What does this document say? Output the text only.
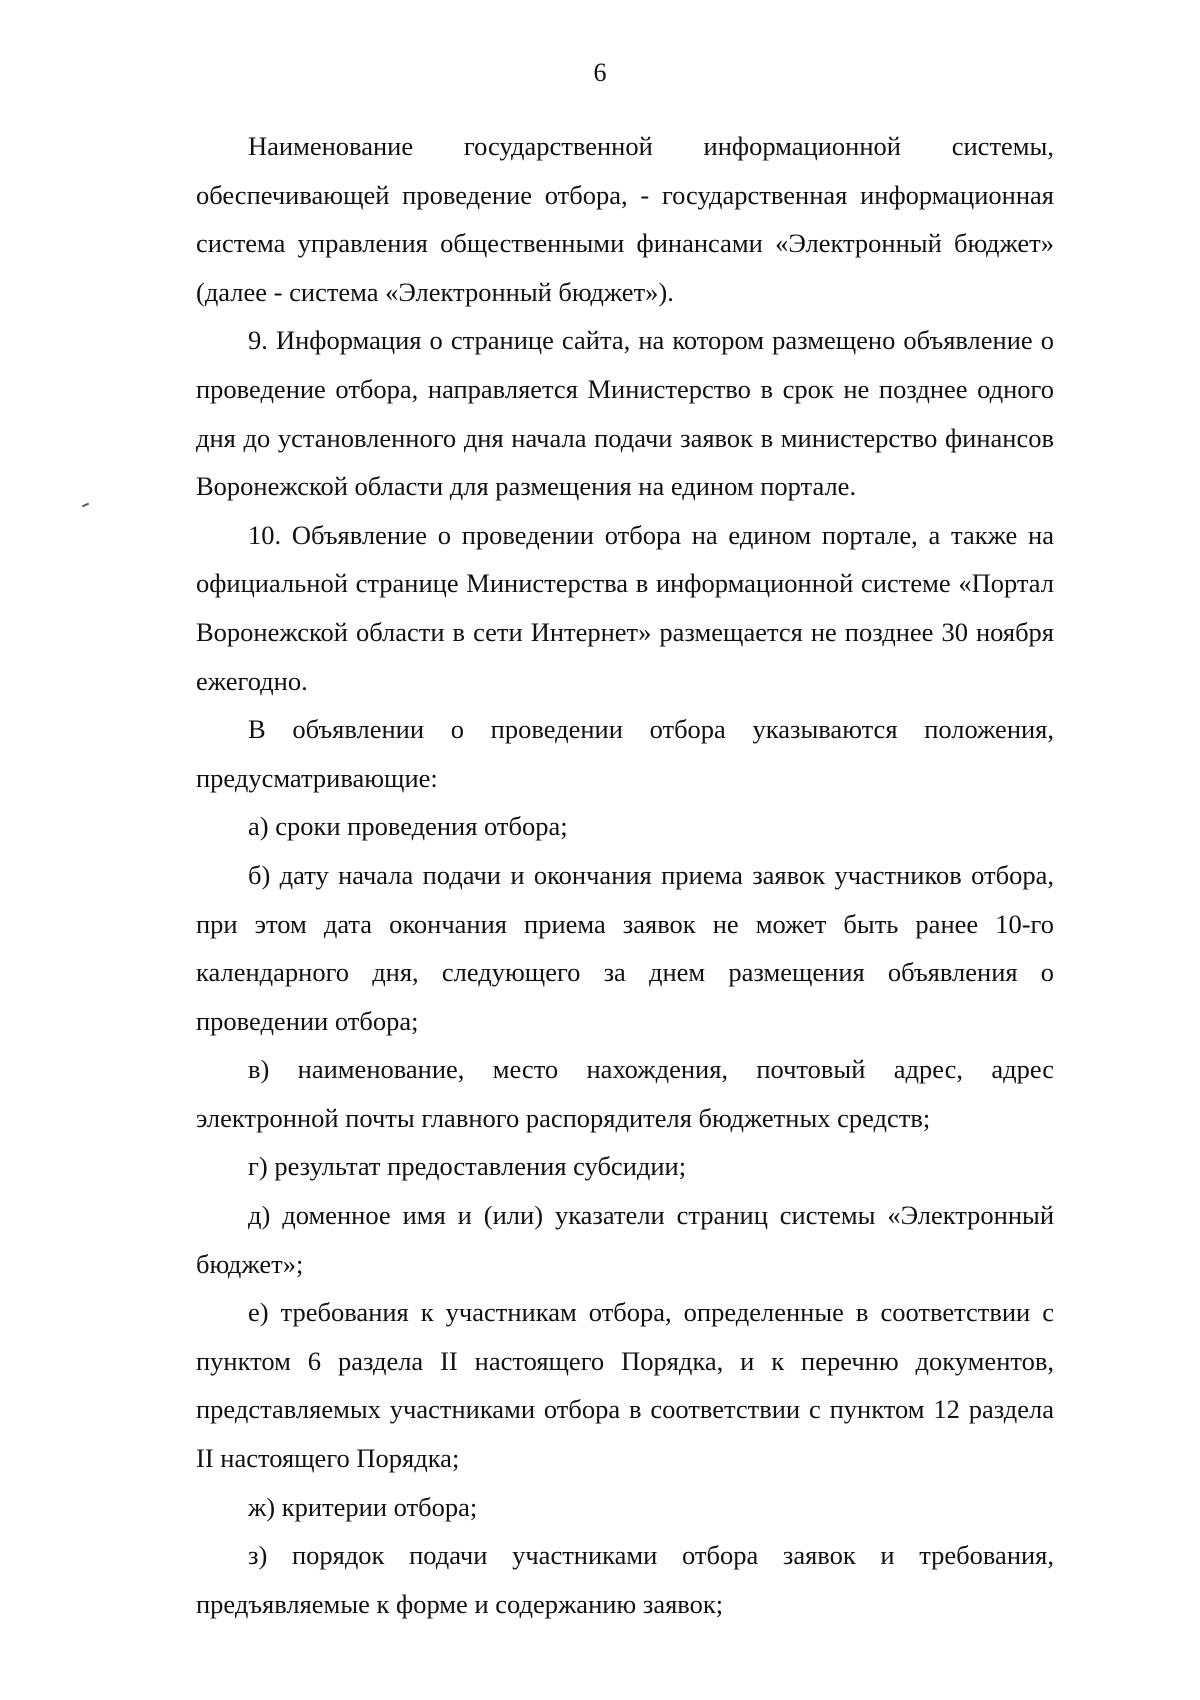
6

Наименование государственной информационной системы, обеспечивающей проведение отбора, - государственная информационная система управления общественными финансами «Электронный бюджет» (далее - система «Электронный бюджет»).

9. Информация о странице сайта, на котором размещено объявление о проведение отбора, направляется Министерство в срок не позднее одного дня до установленного дня начала подачи заявок в министерство финансов Воронежской области для размещения на едином портале.

10. Объявление о проведении отбора на едином портале, а также на официальной странице Министерства в информационной системе «Портал Воронежской области в сети Интернет» размещается не позднее 30 ноября ежегодно.

В объявлении о проведении отбора указываются положения, предусматривающие:

а) сроки проведения отбора;

б) дату начала подачи и окончания приема заявок участников отбора, при этом дата окончания приема заявок не может быть ранее 10-го календарного дня, следующего за днем размещения объявления о проведении отбора;

в) наименование, место нахождения, почтовый адрес, адрес электронной почты главного распорядителя бюджетных средств;

г) результат предоставления субсидии;

д) доменное имя и (или) указатели страниц системы «Электронный бюджет»;

е) требования к участникам отбора, определенные в соответствии с пунктом 6 раздела II настоящего Порядка, и к перечню документов, представляемых участниками отбора в соответствии с пунктом 12 раздела II настоящего Порядка;

ж) критерии отбора;

з) порядок подачи участниками отбора заявок и требования, предъявляемые к форме и содержанию заявок;
